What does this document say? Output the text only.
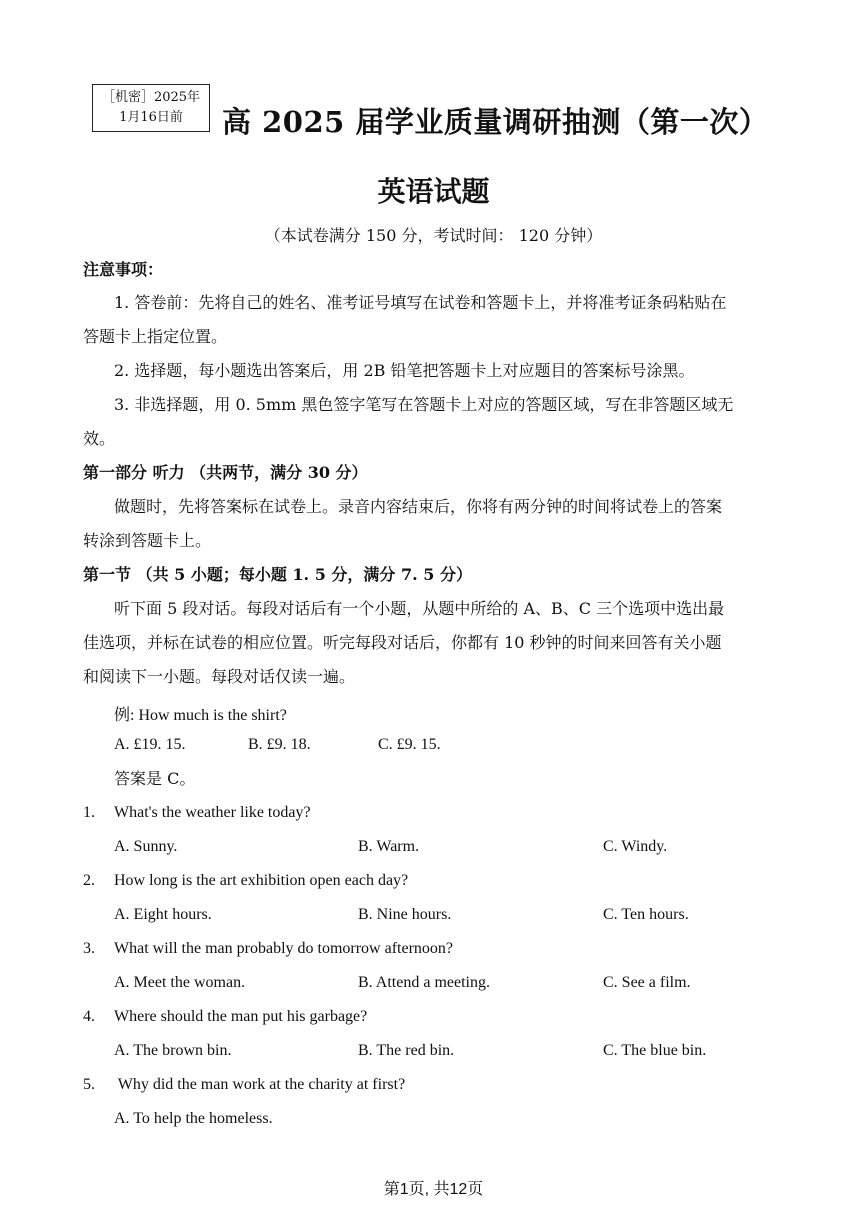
［机密］2025年
1月16日前	高 2025 届学业质量调研抽测（第一次）
英语试题
（本试卷满分 150 分，考试时间： 120 分钟）
注意事项：
1. 答卷前：先将自己的姓名、准考证号填写在试卷和答题卡上，并将准考证条码粘贴在
答题卡上指定位置。
2. 选择题，每小题选出答案后，用 2B 铅笔把答题卡上对应题目的答案标号涂黑。
3. 非选择题，用 0. 5mm 黑色签字笔写在答题卡上对应的答题区域，写在非答题区域无
效。
第一部分 听力 （共两节，满分 30 分）
做题时，先将答案标在试卷上。录音内容结束后，你将有两分钟的时间将试卷上的答案
转涂到答题卡上。
第一节 （共 5 小题；每小题 1. 5 分，满分 7. 5 分）
听下面 5 段对话。每段对话后有一个小题，从题中所给的 A、B、C 三个选项中选出最
佳选项，并标在试卷的相应位置。听完每段对话后，你都有 10 秒钟的时间来回答有关小题
和阅读下一小题。每段对话仅读一遍。
例: How much is the shirt?
A. £19. 15.	B. £9. 18.	C. £9. 15.
答案是 C。
1. What's the weather like today?
A. Sunny.	B. Warm.	C. Windy.
2. How long is the art exhibition open each day?
A. Eight hours.	B. Nine hours.	C. Ten hours.
3. What will the man probably do tomorrow afternoon?
A. Meet the woman.	B. Attend a meeting.	C. See a film.
4. Where should the man put his garbage?
A. The brown bin.	B. The red bin.	C. The blue bin.
5. Why did the man work at the charity at first?
A. To help the homeless.
第1页, 共12页
